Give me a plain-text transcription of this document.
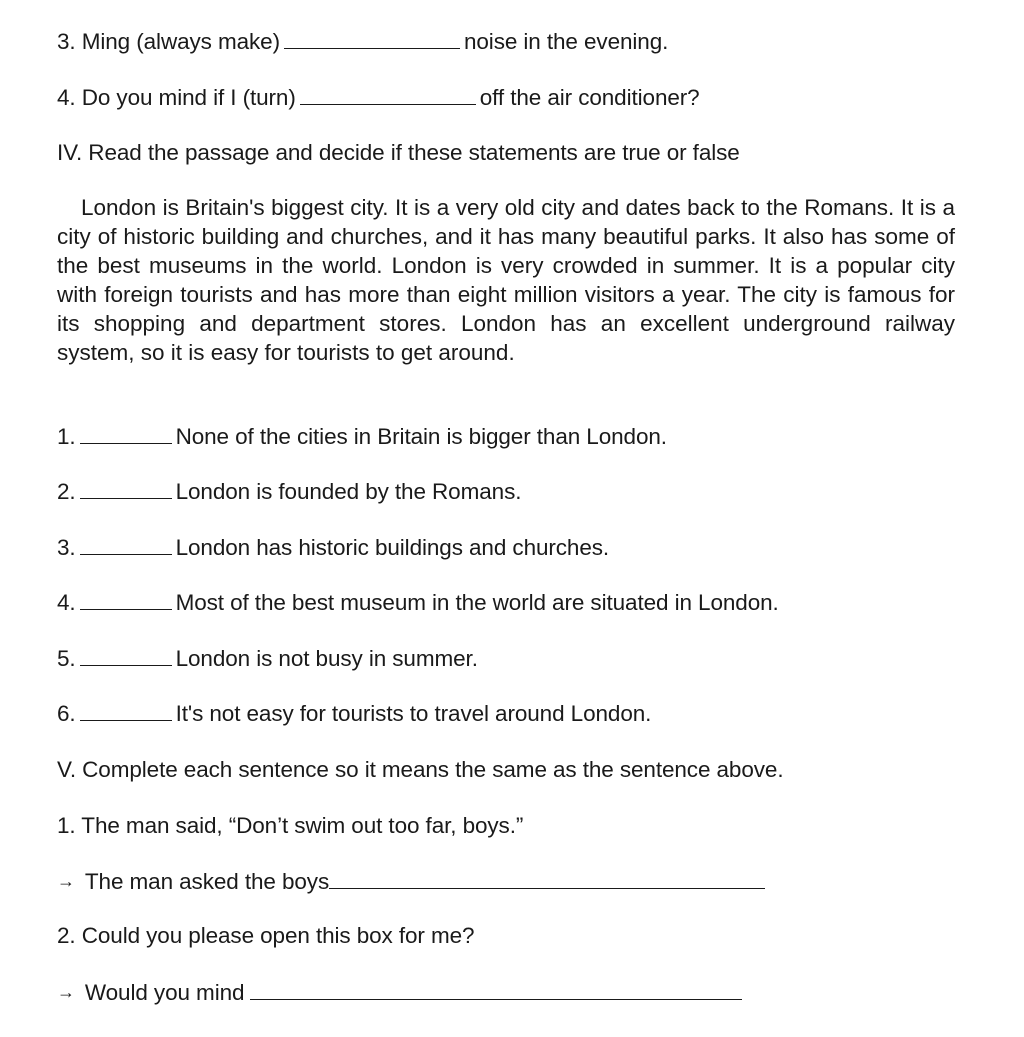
3. Ming (always make)	noise in the evening.
4. Do you mind if I (turn)	off the air conditioner?
IV. Read the passage and decide if these statements are true or false
London is Britain's biggest city. It is a very old city and dates back to the Romans. It is a city of historic building and churches, and it has many beautiful parks. It also has some of the best museums in the world. London is very crowded in summer. It is a popular city with foreign tourists and has more than eight million visitors a year. The city is famous for its shopping and department stores. London has an excellent underground railway system, so it is easy for tourists to get around.
1.	None of the cities in Britain is bigger than London.
2.	London is founded by the Romans.
3.	London has historic buildings and churches.
4.	Most of the best museum in the world are situated in London.
5.	London is not busy in summer.
6.	It's not easy for tourists to travel around London.
V. Complete each sentence so it means the same as the sentence above.
1. The man said, “Don’t swim out too far, boys.”
→ The man asked the boys
2. Could you please open this box for me?
→ Would you mind
